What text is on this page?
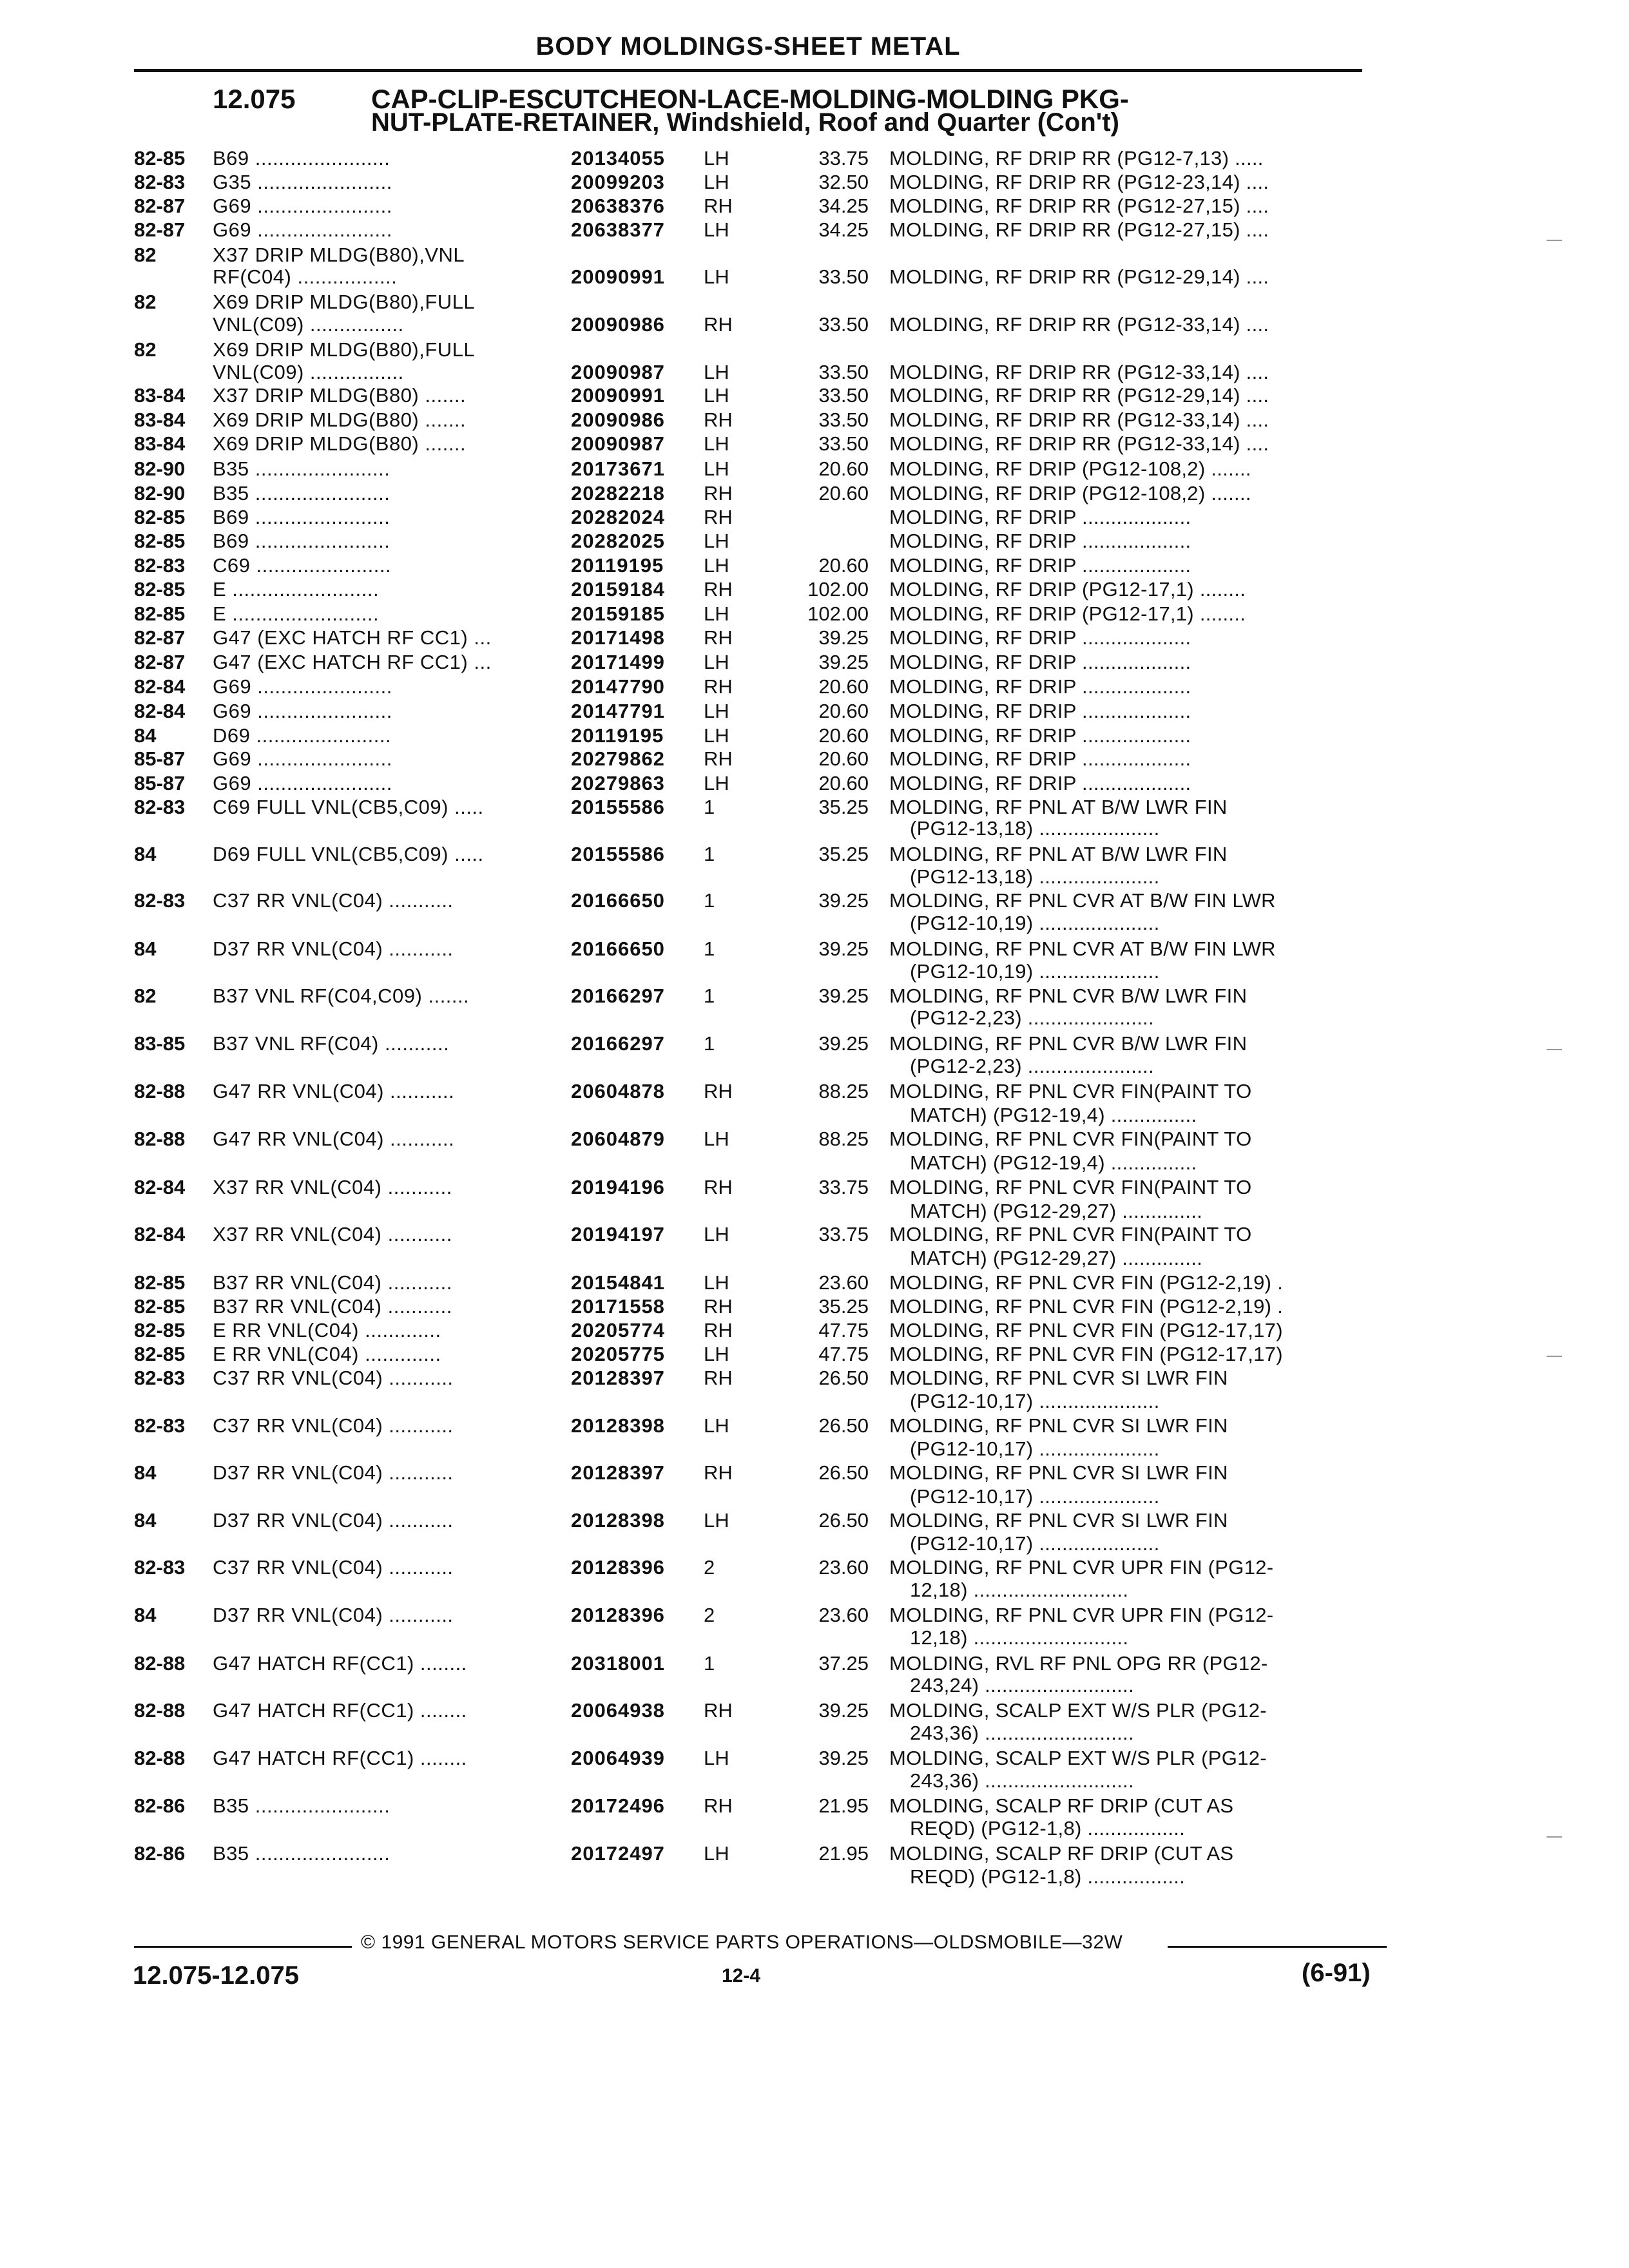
BODY MOLDINGS-SHEET METAL
12.075	CAP-CLIP-ESCUTCHEON-LACE-MOLDING-MOLDING PKG-
NUT-PLATE-RETAINER, Windshield, Roof and Quarter (Con't)
82-85 B69 .......................	20134055 LH	33.75 MOLDING, RF DRIP RR (PG12-7,13) .....
82-83 G35 .......................	20099203 LH	32.50 MOLDING, RF DRIP RR (PG12-23,14) ....
82-87 G69 .......................	20638376 RH	34.25 MOLDING, RF DRIP RR (PG12-27,15) ....
82-87 G69 .......................	20638377 LH	34.25 MOLDING, RF DRIP RR (PG12-27,15) ....
82	X37 DRIP MLDG(B80),VNL
RF(C04) .................	20090991 LH	33.50 MOLDING, RF DRIP RR (PG12-29,14) ....
82	X69 DRIP MLDG(B80),FULL
VNL(C09) ................	20090986 RH	33.50 MOLDING, RF DRIP RR (PG12-33,14) ....
82	X69 DRIP MLDG(B80),FULL
VNL(C09) ................	20090987 LH	33.50 MOLDING, RF DRIP RR (PG12-33,14) ....
83-84 X37 DRIP MLDG(B80) .......	20090991 LH	33.50 MOLDING, RF DRIP RR (PG12-29,14) ....
83-84 X69 DRIP MLDG(B80) .......	20090986 RH	33.50 MOLDING, RF DRIP RR (PG12-33,14) ....
83-84 X69 DRIP MLDG(B80) .......	20090987 LH	33.50 MOLDING, RF DRIP RR (PG12-33,14) ....
82-90 B35 .......................	20173671 LH	20.60 MOLDING, RF DRIP (PG12-108,2) .......
82-90 B35 .......................	20282218 RH	20.60 MOLDING, RF DRIP (PG12-108,2) .......
82-85 B69 .......................	20282024 RH	MOLDING, RF DRIP ...................
82-85 B69 .......................	20282025 LH	MOLDING, RF DRIP ...................
82-83 C69 .......................	20119195 LH	20.60 MOLDING, RF DRIP ...................
82-85 E .........................	20159184 RH	102.00 MOLDING, RF DRIP (PG12-17,1) ........
82-85 E .........................	20159185 LH	102.00 MOLDING, RF DRIP (PG12-17,1) ........
82-87 G47 (EXC HATCH RF CC1) ...	20171498 RH	39.25 MOLDING, RF DRIP ...................
82-87 G47 (EXC HATCH RF CC1) ...	20171499 LH	39.25 MOLDING, RF DRIP ...................
82-84 G69 .......................	20147790 RH	20.60 MOLDING, RF DRIP ...................
82-84 G69 .......................	20147791 LH	20.60 MOLDING, RF DRIP ...................
84	D69 .......................	20119195 LH	20.60 MOLDING, RF DRIP ...................
85-87 G69 .......................	20279862 RH	20.60 MOLDING, RF DRIP ...................
85-87 G69 .......................	20279863 LH	20.60 MOLDING, RF DRIP ...................
82-83 C69 FULL VNL(CB5,C09) .....	20155586 1	35.25 MOLDING, RF PNL AT B/W LWR FIN
(PG12-13,18) .....................
84	D69 FULL VNL(CB5,C09) .....	20155586 1	35.25 MOLDING, RF PNL AT B/W LWR FIN
(PG12-13,18) .....................
82-83 C37 RR VNL(C04) ...........	20166650 1	39.25 MOLDING, RF PNL CVR AT B/W FIN LWR
(PG12-10,19) .....................
84	D37 RR VNL(C04) ...........	20166650 1	39.25 MOLDING, RF PNL CVR AT B/W FIN LWR
(PG12-10,19) .....................
82	B37 VNL RF(C04,C09) .......	20166297 1	39.25 MOLDING, RF PNL CVR B/W LWR FIN
(PG12-2,23) ......................
83-85 B37 VNL RF(C04) ...........	20166297 1	39.25 MOLDING, RF PNL CVR B/W LWR FIN
(PG12-2,23) ......................
82-88 G47 RR VNL(C04) ...........	20604878 RH	88.25 MOLDING, RF PNL CVR FIN(PAINT TO
MATCH) (PG12-19,4) ...............
82-88 G47 RR VNL(C04) ...........	20604879 LH	88.25 MOLDING, RF PNL CVR FIN(PAINT TO
MATCH) (PG12-19,4) ...............
82-84 X37 RR VNL(C04) ...........	20194196 RH	33.75 MOLDING, RF PNL CVR FIN(PAINT TO
MATCH) (PG12-29,27) ..............
82-84 X37 RR VNL(C04) ...........	20194197 LH	33.75 MOLDING, RF PNL CVR FIN(PAINT TO
MATCH) (PG12-29,27) ..............
82-85 B37 RR VNL(C04) ...........	20154841 LH	23.60 MOLDING, RF PNL CVR FIN (PG12-2,19) .
82-85 B37 RR VNL(C04) ...........	20171558 RH	35.25 MOLDING, RF PNL CVR FIN (PG12-2,19) .
82-85 E RR VNL(C04) .............	20205774 RH	47.75 MOLDING, RF PNL CVR FIN (PG12-17,17)
82-85 E RR VNL(C04) .............	20205775 LH	47.75 MOLDING, RF PNL CVR FIN (PG12-17,17)
82-83 C37 RR VNL(C04) ...........	20128397 RH	26.50 MOLDING, RF PNL CVR SI LWR FIN
(PG12-10,17) .....................
82-83 C37 RR VNL(C04) ...........	20128398 LH	26.50 MOLDING, RF PNL CVR SI LWR FIN
(PG12-10,17) .....................
84	D37 RR VNL(C04) ...........	20128397 RH	26.50 MOLDING, RF PNL CVR SI LWR FIN
(PG12-10,17) .....................
84	D37 RR VNL(C04) ...........	20128398 LH	26.50 MOLDING, RF PNL CVR SI LWR FIN
(PG12-10,17) .....................
82-83 C37 RR VNL(C04) ...........	20128396 2	23.60 MOLDING, RF PNL CVR UPR FIN (PG12-
12,18) ...........................
84	D37 RR VNL(C04) ...........	20128396 2	23.60 MOLDING, RF PNL CVR UPR FIN (PG12-
12,18) ...........................
82-88 G47 HATCH RF(CC1) ........	20318001 1	37.25 MOLDING, RVL RF PNL OPG RR (PG12-
243,24) ..........................
82-88 G47 HATCH RF(CC1) ........	20064938 RH	39.25 MOLDING, SCALP EXT W/S PLR (PG12-
243,36) ..........................
82-88 G47 HATCH RF(CC1) ........	20064939 LH	39.25 MOLDING, SCALP EXT W/S PLR (PG12-
243,36) ..........................
82-86 B35 .......................	20172496 RH	21.95 MOLDING, SCALP RF DRIP (CUT AS
REQD) (PG12-1,8) .................
82-86 B35 .......................	20172497 LH	21.95 MOLDING, SCALP RF DRIP (CUT AS
REQD) (PG12-1,8) .................
© 1991 GENERAL MOTORS SERVICE PARTS OPERATIONS—OLDSMOBILE—32W
12.075-12.075	12-4	(6-91)
